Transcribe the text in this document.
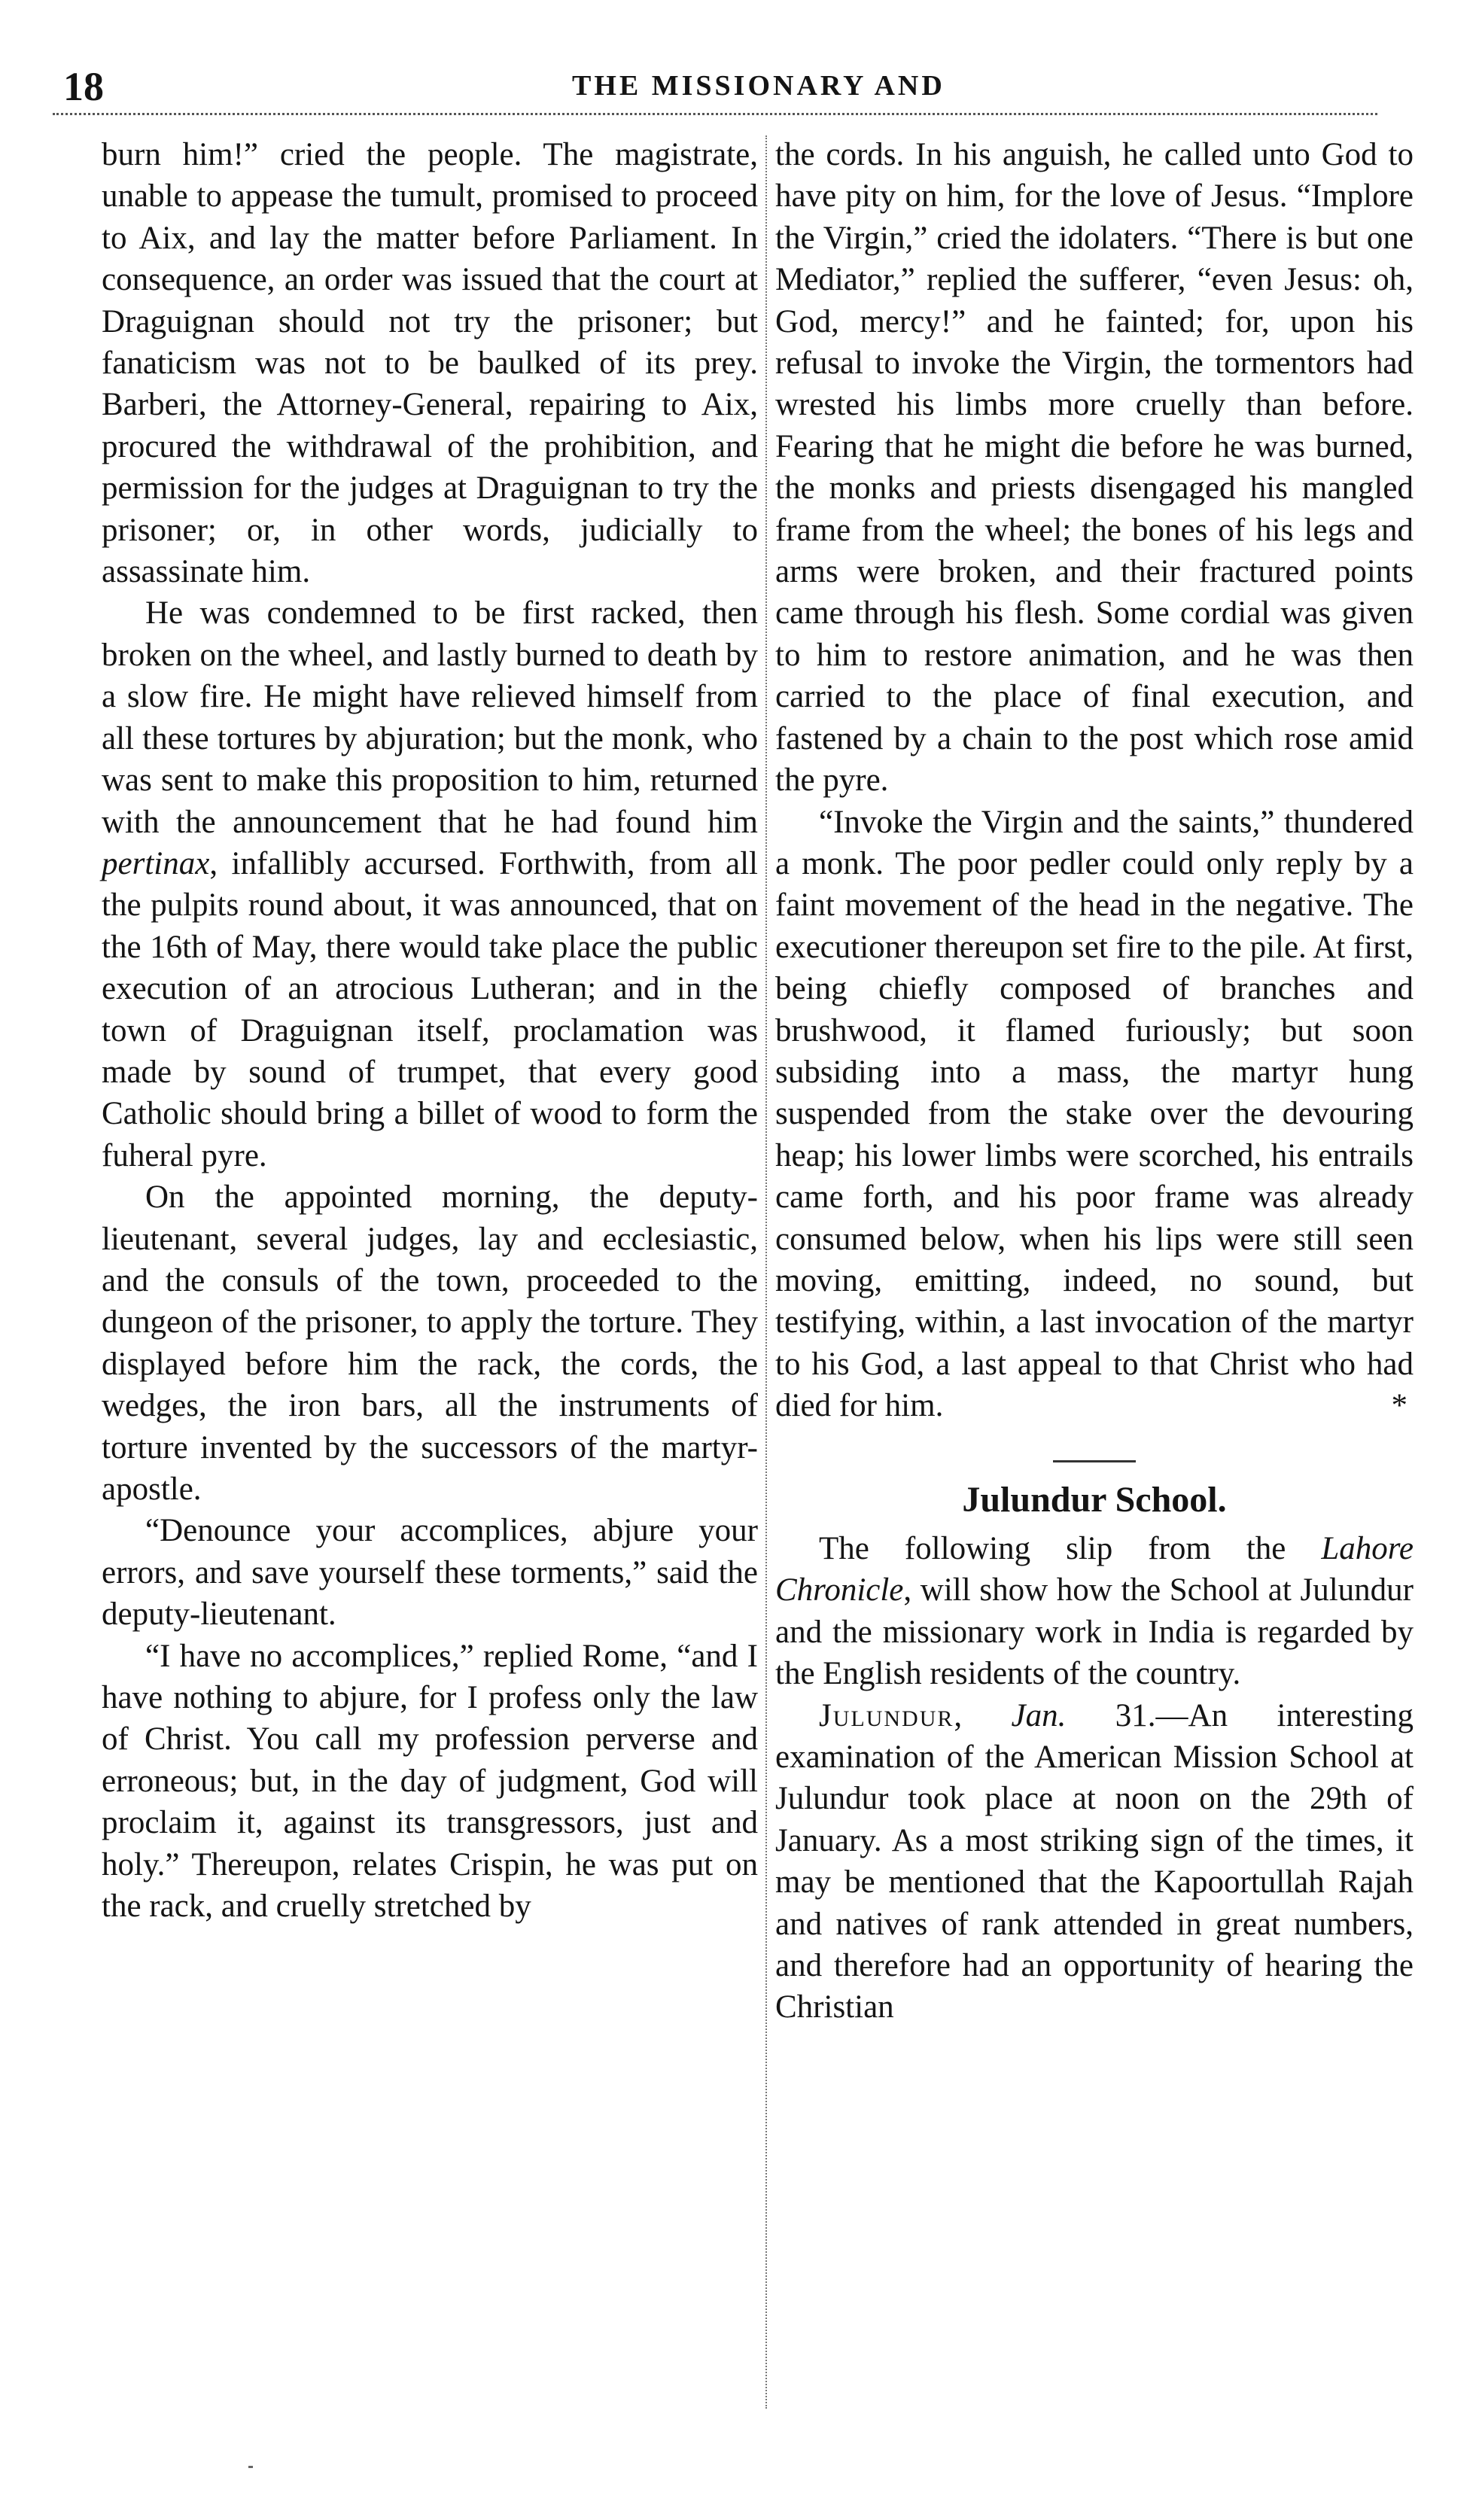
18	THE MISSIONARY AND

burn him!” cried the people. The magistrate, unable to appease the tumult, promised to proceed to Aix, and lay the matter before Parliament. In consequence, an order was issued that the court at Draguignan should not try the prisoner; but fanaticism was not to be baulked of its prey. Barberi, the Attorney-General, repairing to Aix, procured the withdrawal of the prohibition, and permission for the judges at Draguignan to try the prisoner; or, in other words, judicially to assassinate him.

He was condemned to be first racked, then broken on the wheel, and lastly burned to death by a slow fire. He might have relieved himself from all these tortures by abjuration; but the monk, who was sent to make this proposition to him, returned with the announcement that he had found him pertinax, infallibly accursed. Forthwith, from all the pulpits round about, it was announced, that on the 16th of May, there would take place the public execution of an atrocious Lutheran; and in the town of Draguignan itself, proclamation was made by sound of trumpet, that every good Catholic should bring a billet of wood to form the fuheral pyre.

On the appointed morning, the deputy-lieutenant, several judges, lay and ecclesiastic, and the consuls of the town, proceeded to the dungeon of the prisoner, to apply the torture. They displayed before him the rack, the cords, the wedges, the iron bars, all the instruments of torture invented by the successors of the martyr-apostle.

“Denounce your accomplices, abjure your errors, and save yourself these torments,” said the deputy-lieutenant.

“I have no accomplices,” replied Rome, “and I have nothing to abjure, for I profess only the law of Christ. You call my profession perverse and erroneous; but, in the day of judgment, God will proclaim it, against its transgressors, just and holy.” Thereupon, relates Crispin, he was put on the rack, and cruelly stretched by

the cords. In his anguish, he called unto God to have pity on him, for the love of Jesus. “Implore the Virgin,” cried the idolaters. “There is but one Mediator,” replied the sufferer, “even Jesus: oh, God, mercy!” and he fainted; for, upon his refusal to invoke the Virgin, the tormentors had wrested his limbs more cruelly than before. Fearing that he might die before he was burned, the monks and priests disengaged his mangled frame from the wheel; the bones of his legs and arms were broken, and their fractured points came through his flesh. Some cordial was given to him to restore animation, and he was then carried to the place of final execution, and fastened by a chain to the post which rose amid the pyre.

“Invoke the Virgin and the saints,” thundered a monk. The poor pedler could only reply by a faint movement of the head in the negative. The executioner thereupon set fire to the pile. At first, being chiefly composed of branches and brushwood, it flamed furiously; but soon subsiding into a mass, the martyr hung suspended from the stake over the devouring heap; his lower limbs were scorched, his entrails came forth, and his poor frame was already consumed below, when his lips were still seen moving, emitting, indeed, no sound, but testifying, within, a last invocation of the martyr to his God, a last appeal to that Christ who had died for him.	*

Julundur School.

The following slip from the Lahore Chronicle, will show how the School at Julundur and the missionary work in India is regarded by the English residents of the country.

Julundur, Jan. 31.—An interesting examination of the American Mission School at Julundur took place at noon on the 29th of January. As a most striking sign of the times, it may be mentioned that the Kapoortullah Rajah and natives of rank attended in great numbers, and therefore had an opportunity of hearing the Christian
